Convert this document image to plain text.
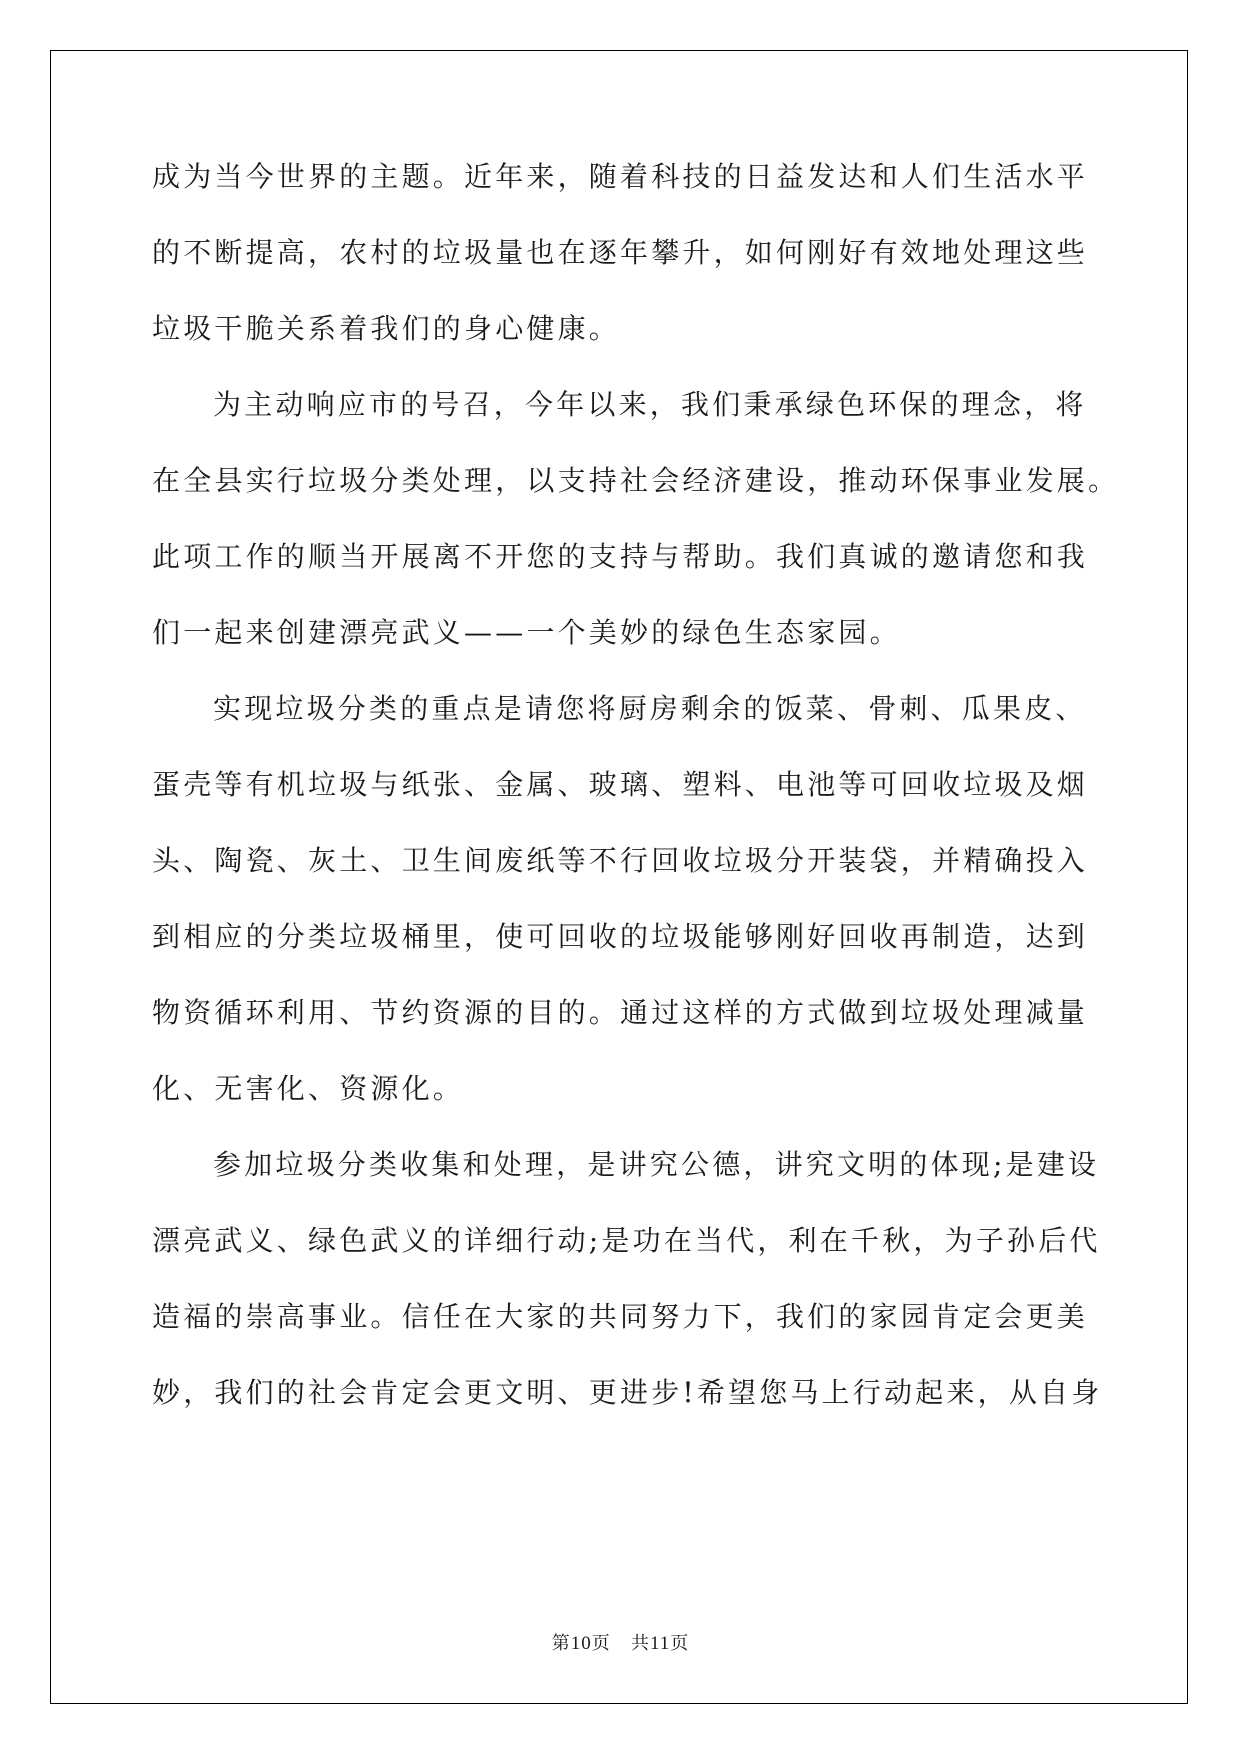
成为当今世界的主题。近年来，随着科技的日益发达和人们生活水平
的不断提高，农村的垃圾量也在逐年攀升，如何刚好有效地处理这些
垃圾干脆关系着我们的身心健康。
为主动响应市的号召，今年以来，我们秉承绿色环保的理念，将
在全县实行垃圾分类处理，以支持社会经济建设，推动环保事业发展。
此项工作的顺当开展离不开您的支持与帮助。我们真诚的邀请您和我
们一起来创建漂亮武义——一个美妙的绿色生态家园。
实现垃圾分类的重点是请您将厨房剩余的饭菜、骨刺、瓜果皮、
蛋壳等有机垃圾与纸张、金属、玻璃、塑料、电池等可回收垃圾及烟
头、陶瓷、灰土、卫生间废纸等不行回收垃圾分开装袋，并精确投入
到相应的分类垃圾桶里，使可回收的垃圾能够刚好回收再制造，达到
物资循环利用、节约资源的目的。通过这样的方式做到垃圾处理减量
化、无害化、资源化。
参加垃圾分类收集和处理，是讲究公德，讲究文明的体现;是建设
漂亮武义、绿色武义的详细行动;是功在当代，利在千秋，为子孙后代
造福的崇高事业。信任在大家的共同努力下，我们的家园肯定会更美
妙，我们的社会肯定会更文明、更进步!希望您马上行动起来，从自身
第10页 共11页
